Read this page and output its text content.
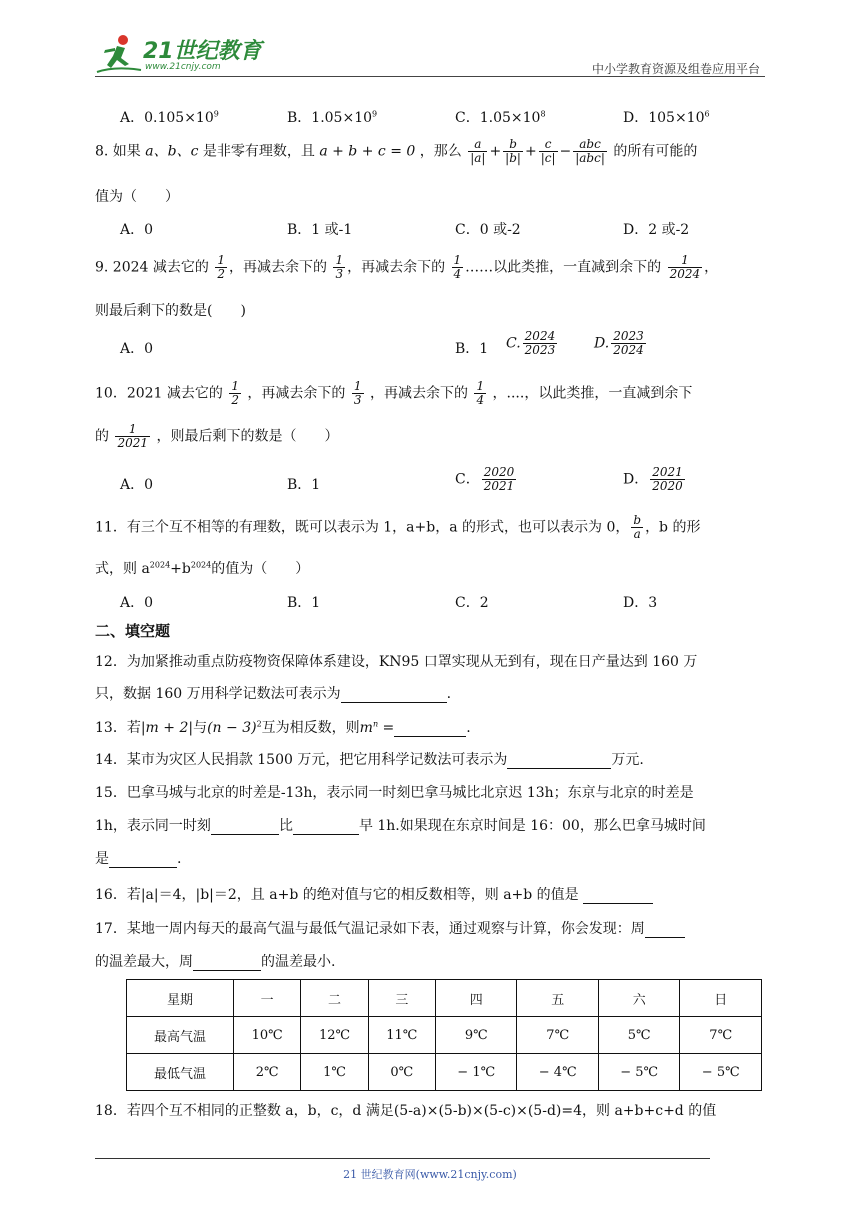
21世纪教育
www.21cnjy.com	中小学教育资源及组卷应用平台
A．$0.105\times 10^9$	B．$1.05\times 10^9$	C．$1.05\times 10^8$	D．$105\times 10^6$
8. 如果 a、b、c 是非零有理数，且 a + b + c = 0 ，那么 $\frac{a}{|a|} + \frac{b}{|b|} + \frac{c}{|c|} - \frac{\text{abc}}{\text{|abc|}}$ 的所有可能的
值为（　　）
A．0	B．1 或-1	C．0 或-2	D．2 或-2
9. 2024 减去它的 $\frac{1}{2}$ ，再减去余下的 $\frac{1}{3}$ ，再减去余下的 $\frac{1}{4}$ ……以此类推，一直减到余下的 $\frac{1}{2024}$ ，
则最后剩下的数是(　　)
A．0	B．1 C. $\frac{2024}{2023}$	D. $\frac{2023}{2024}$
10．2021 减去它的 $\frac{1}{2}$ ，再减去余下的 $\frac{1}{3}$ ，再减去余下的 $\frac{1}{4}$ ，....，以此类推，一直减到余下
的 $\frac{1}{2021}$ ，则最后剩下的数是（　　）
A．0	B．1	C． $\frac{2020}{2021}$	D． $\frac{2021}{2020}$
11．有三个互不相等的有理数，既可以表示为 1，a+b，a 的形式，也可以表示为 0， $\frac{b}{a}$ ，b 的形
式，则 $a^{2024}+b^{2024}$的值为（　　）
A．0	B．1	C．2	D．3
二、填空题
12．为加紧推动重点防疫物资保障体系建设，KN95 口罩实现从无到有，现在日产量达到 160 万
只，数据 160 万用科学记数法可表示为	.
13．若|m + 2|与$(n - 3)^2$互为相反数，则$m^n$ =	.
14．某市为灾区人民捐款 1500 万元，把它用科学记数法可表示为	万元.
15．巴拿马城与北京的时差是-13h，表示同一时刻巴拿马城比北京迟 13h；东京与北京的时差是
1h，表示同一时刻	比	早 1h.如果现在东京时间是 16：00，那么巴拿马城时间
是	.
16．若|a|＝4，|b|＝2，且 a+b 的绝对值与它的相反数相等，则 a+b 的值是
17．某地一周内每天的最高气温与最低气温记录如下表，通过观察与计算，你会发现：周
的温差最大，周	的温差最小.
星期	一	二	三	四	五	六	日
最高气温	10℃	12℃	11℃	9℃	7℃	5℃	7℃
最低气温	2℃	1℃	0℃	− 1℃	− 4℃	− 5℃	− 5℃
18．若四个互不相同的正整数 a，b，c，d 满足(5-a)×(5-b)×(5-c)×(5-d)=4，则 a+b+c+d 的值
21 世纪教育网(www.21cnjy.com)
